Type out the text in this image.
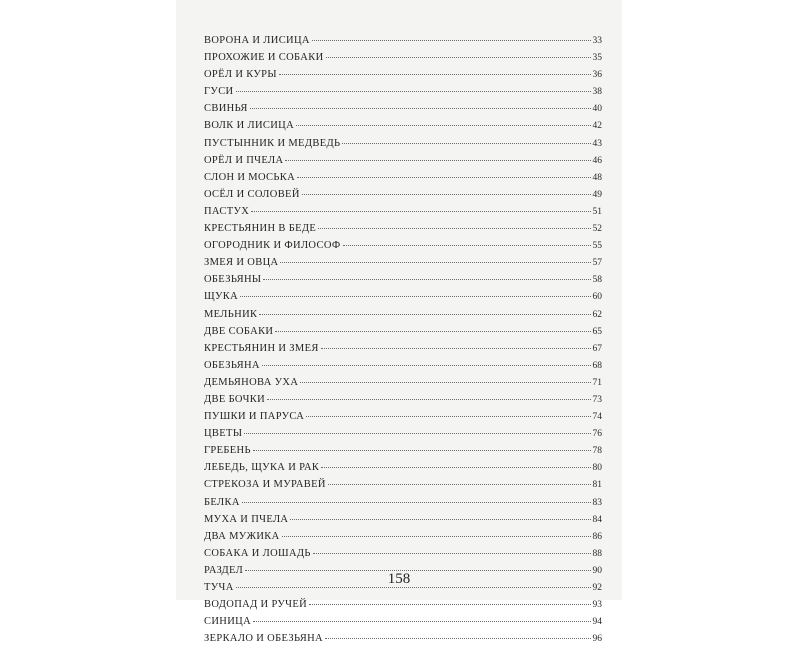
ВОРОНА И ЛИСИЦА	33
ПРОХОЖИЕ И СОБАКИ	35
ОРЁЛ И КУРЫ	36
ГУСИ	38
СВИНЬЯ	40
ВОЛК И ЛИСИЦА	42
ПУСТЫННИК И МЕДВЕДЬ	43
ОРЁЛ И ПЧЕЛА	46
СЛОН И МОСЬКА	48
ОСЁЛ И СОЛОВЕЙ	49
ПАСТУХ	51
КРЕСТЬЯНИН В БЕДЕ	52
ОГОРОДНИК И ФИЛОСОФ	55
ЗМЕЯ И ОВЦА	57
ОБЕЗЬЯНЫ	58
ЩУКА	60
МЕЛЬНИК	62
ДВЕ СОБАКИ	65
КРЕСТЬЯНИН И ЗМЕЯ	67
ОБЕЗЬЯНА	68
ДЕМЬЯНОВА УХА	71
ДВЕ БОЧКИ	73
ПУШКИ И ПАРУСА	74
ЦВЕТЫ	76
ГРЕБЕНЬ	78
ЛЕБЕДЬ, ЩУКА И РАК	80
СТРЕКОЗА И МУРАВЕЙ	81
БЕЛКА	83
МУХА И ПЧЕЛА	84
ДВА МУЖИКА	86
СОБАКА И ЛОШАДЬ	88
РАЗДЕЛ	90
ТУЧА	92
ВОДОПАД И РУЧЕЙ	93
СИНИЦА	94
ЗЕРКАЛО И ОБЕЗЬЯНА	96
158
